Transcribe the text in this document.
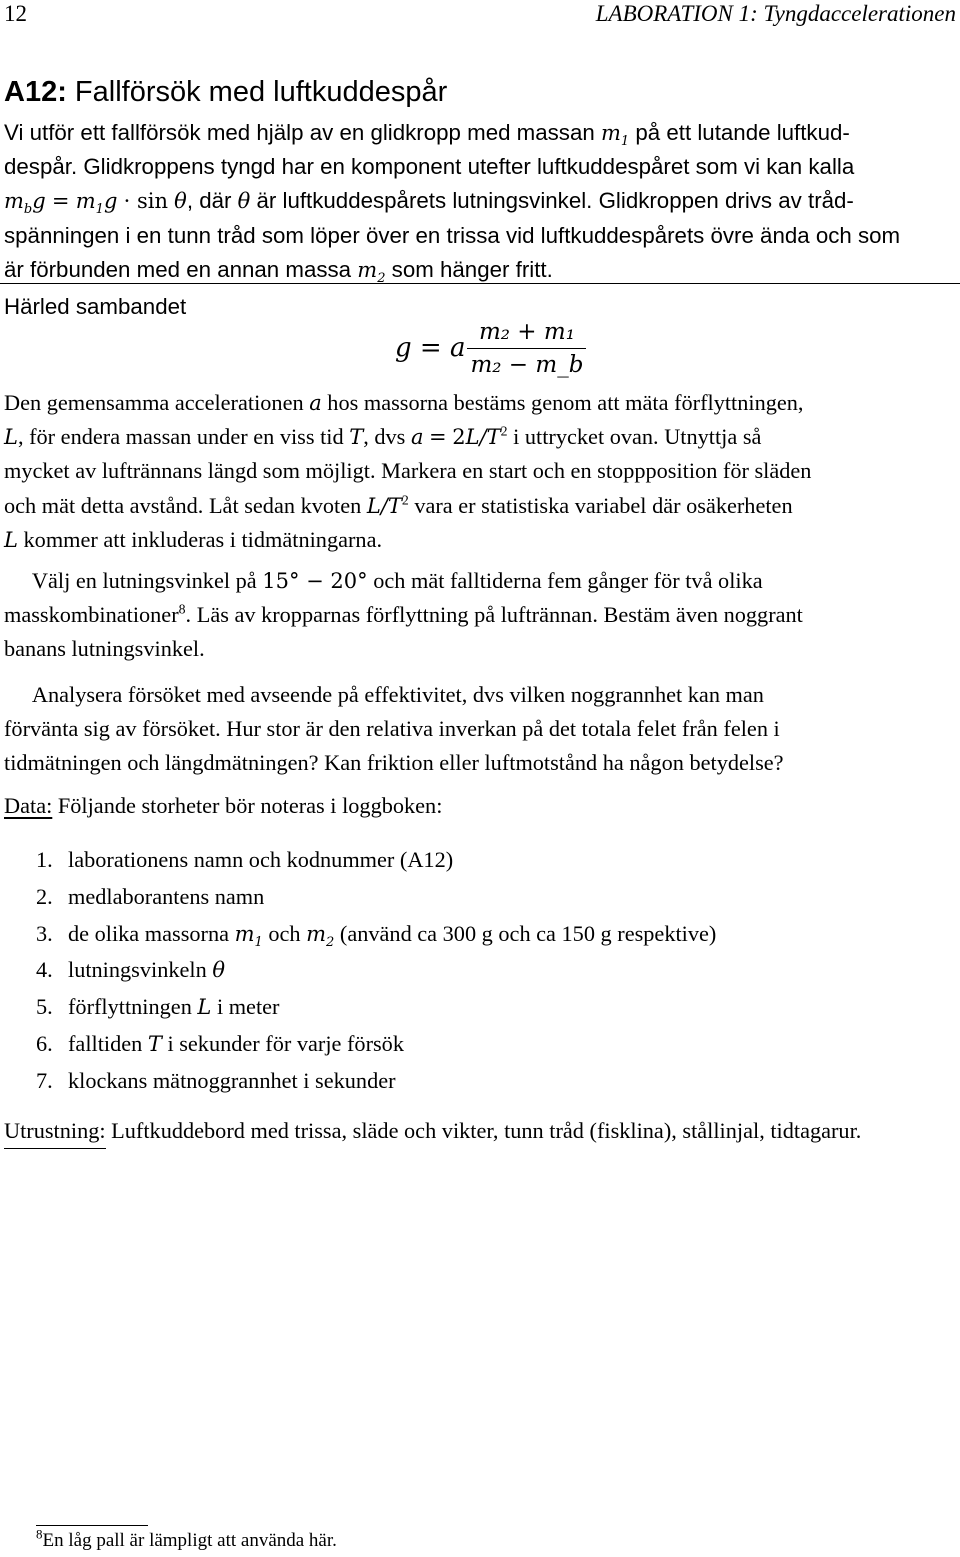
12	LABORATION 1: Tyngdaccelerationen
A12: Fallförsök med luftkuddespår
Vi utför ett fallförsök med hjälp av en glidkropp med massan $m_1$ på ett lutande luftkud-
despår. Glidkroppens tyngd har en komponent utefter luftkuddespåret som vi kan kalla
$m_bg = m_1g \cdot \sin \theta$, där θ är luftkuddespårets lutningsvinkel. Glidkroppen drivs av tråd-
spänningen i en tunn tråd som löper över en trissa vid luftkuddespårets övre ända och som
är förbunden med en annan massa $m_2$ som hänger fritt.
Härled sambandet
g = a $\frac{\text{m₂ + m₁}}{\text{m₂ − m\_b}}$
Den gemensamma accelerationen a hos massorna bestäms genom att mäta förflyttningen,
L, för endera massan under en viss tid T, dvs $a = 2L/T^2$ i uttrycket ovan. Utnyttja så
mycket av luftrännans längd som möjligt. Markera en start och en stoppposition för släden
och mät detta avstånd. Låt sedan kvoten $L/T^2$ vara er statistiska variabel där osäkerheten
L kommer att inkluderas i tidmätningarna.
Välj en lutningsvinkel på 15° − 20° och mät falltiderna fem gånger för två olika
masskombinationer$^8$. Läs av kropparnas förflyttning på luftrännan. Bestäm även noggrant
banans lutningsvinkel.
Analysera försöket med avseende på effektivitet, dvs vilken noggrannhet kan man
förvänta sig av försöket. Hur stor är den relativa inverkan på det totala felet från felen i
tidmätningen och längdmätningen? Kan friktion eller luftmotstånd ha någon betydelse?
Data: Följande storheter bör noteras i loggboken:
1. laborationens namn och kodnummer (A12)
2. medlaborantens namn
3. de olika massorna $m_1$ och $m_2$ (använd ca 300 g och ca 150 g respektive)
4. lutningsvinkeln θ
5. förflyttningen L i meter
6. falltiden T i sekunder för varje försök
7. klockans mätnoggrannhet i sekunder
Utrustning: Luftkuddebord med trissa, släde och vikter, tunn tråd (fisklina), stållinjal, tidtagarur.
$^8$En låg pall är lämpligt att använda här.
